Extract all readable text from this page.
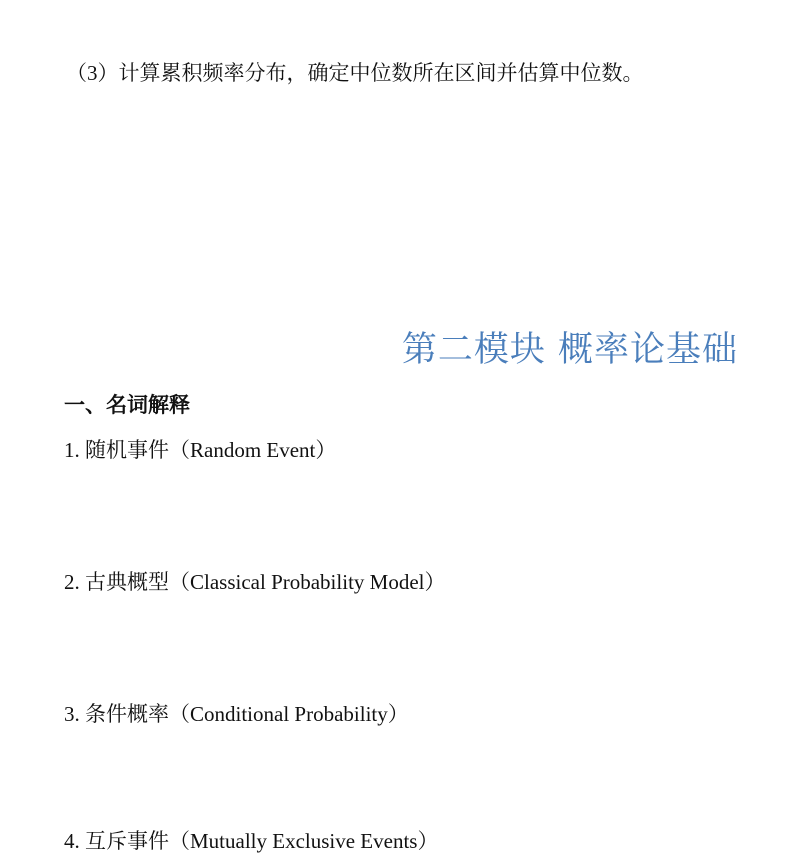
（3）计算累积频率分布，确定中位数所在区间并估算中位数。
第二模块 概率论基础
一、名词解释
1. 随机事件（Random Event）
2. 古典概型（Classical Probability Model）
3. 条件概率（Conditional Probability）
4. 互斥事件（Mutually Exclusive Events）
